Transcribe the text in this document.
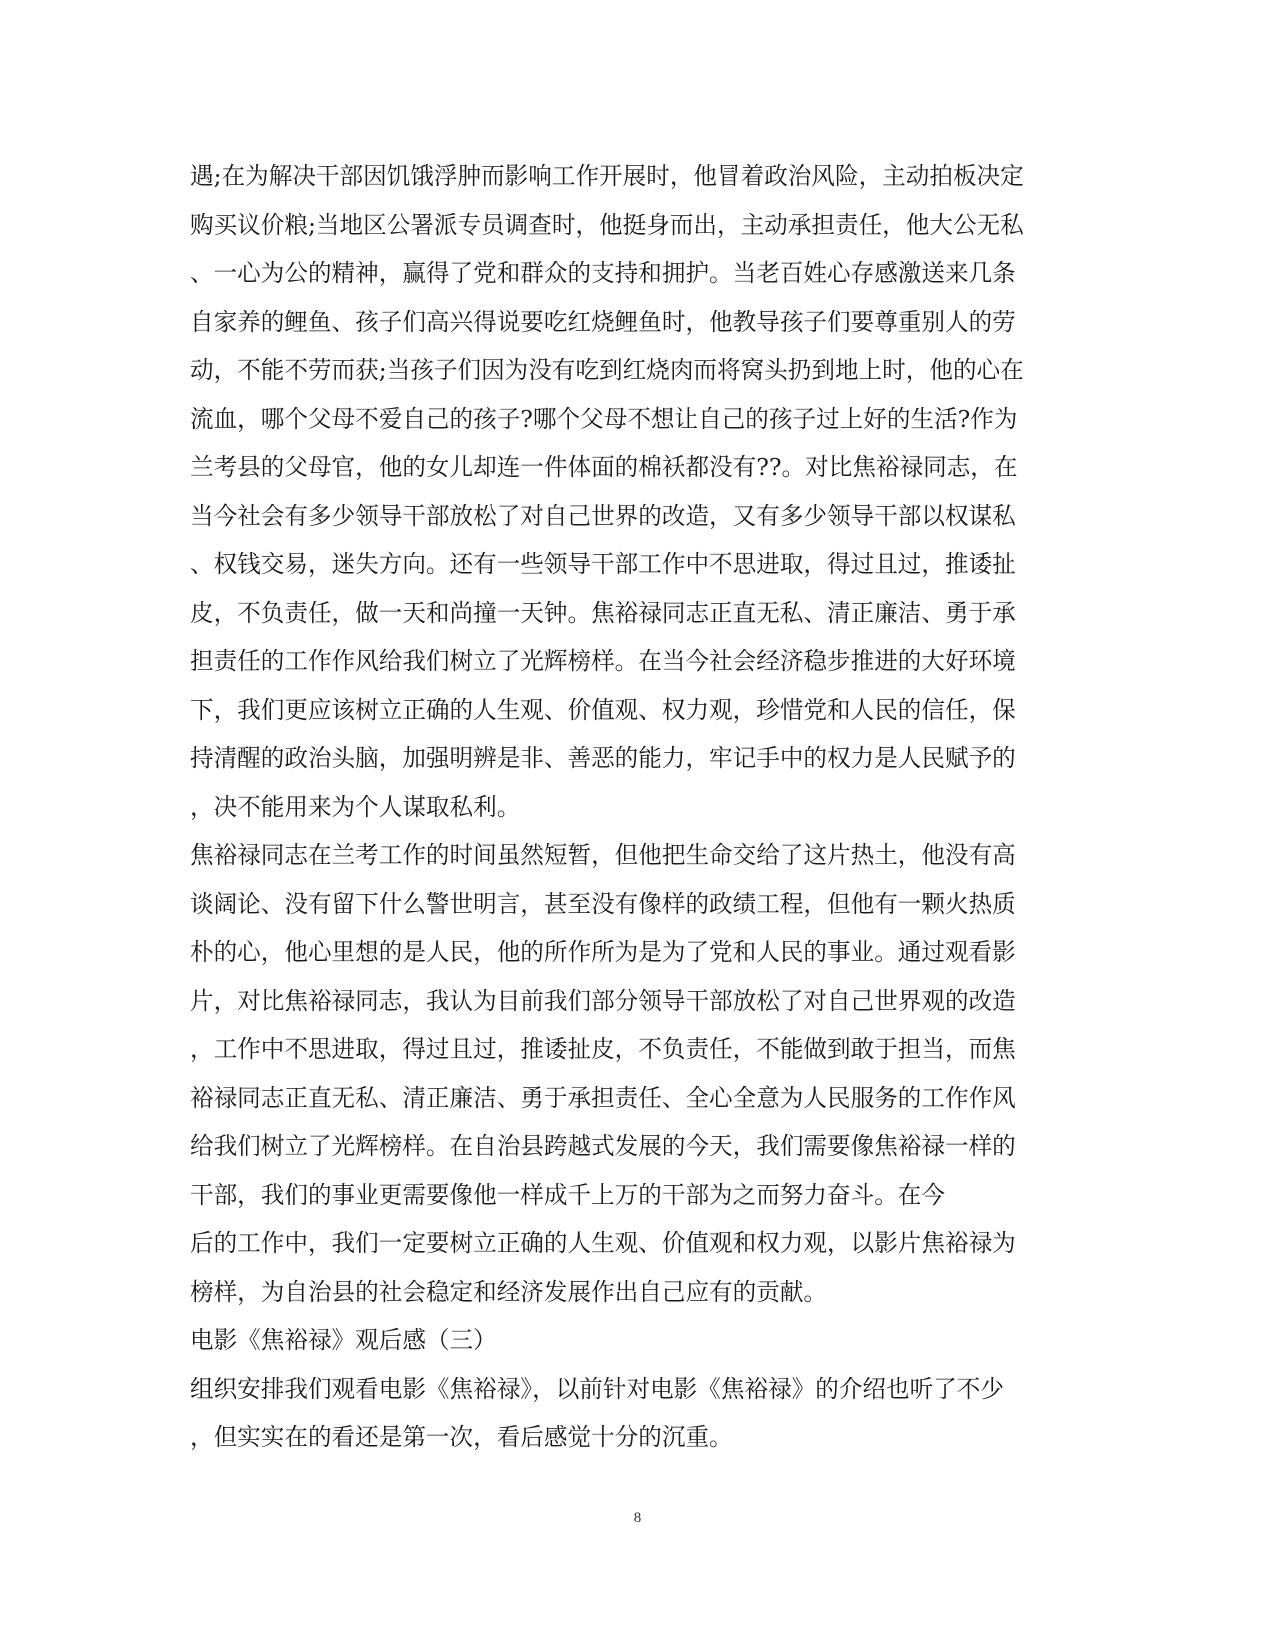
遇;在为解决干部因饥饿浮肿而影响工作开展时，他冒着政治风险，主动拍板决定
购买议价粮;当地区公署派专员调查时，他挺身而出，主动承担责任，他大公无私
、一心为公的精神，赢得了党和群众的支持和拥护。当老百姓心存感激送来几条
自家养的鲤鱼、孩子们高兴得说要吃红烧鲤鱼时，他教导孩子们要尊重别人的劳
动，不能不劳而获;当孩子们因为没有吃到红烧肉而将窝头扔到地上时，他的心在
流血，哪个父母不爱自己的孩子?哪个父母不想让自己的孩子过上好的生活?作为
兰考县的父母官，他的女儿却连一件体面的棉袄都没有??。对比焦裕禄同志，在
当今社会有多少领导干部放松了对自己世界的改造，又有多少领导干部以权谋私
、权钱交易，迷失方向。还有一些领导干部工作中不思进取，得过且过，推诿扯
皮，不负责任，做一天和尚撞一天钟。焦裕禄同志正直无私、清正廉洁、勇于承
担责任的工作作风给我们树立了光辉榜样。在当今社会经济稳步推进的大好环境
下，我们更应该树立正确的人生观、价值观、权力观，珍惜党和人民的信任，保
持清醒的政治头脑，加强明辨是非、善恶的能力，牢记手中的权力是人民赋予的
，决不能用来为个人谋取私利。
焦裕禄同志在兰考工作的时间虽然短暂，但他把生命交给了这片热土，他没有高
谈阔论、没有留下什么警世明言，甚至没有像样的政绩工程，但他有一颗火热质
朴的心，他心里想的是人民，他的所作所为是为了党和人民的事业。通过观看影
片，对比焦裕禄同志，我认为目前我们部分领导干部放松了对自己世界观的改造
，工作中不思进取，得过且过，推诿扯皮，不负责任，不能做到敢于担当，而焦
裕禄同志正直无私、清正廉洁、勇于承担责任、全心全意为人民服务的工作作风
给我们树立了光辉榜样。在自治县跨越式发展的今天，我们需要像焦裕禄一样的
干部，我们的事业更需要像他一样成千上万的干部为之而努力奋斗。在今
后的工作中，我们一定要树立正确的人生观、价值观和权力观，以影片焦裕禄为
榜样，为自治县的社会稳定和经济发展作出自己应有的贡献。
电影《焦裕禄》观后感（三）
组织安排我们观看电影《焦裕禄》，以前针对电影《焦裕禄》的介绍也听了不少
，但实实在的看还是第一次，看后感觉十分的沉重。
8
